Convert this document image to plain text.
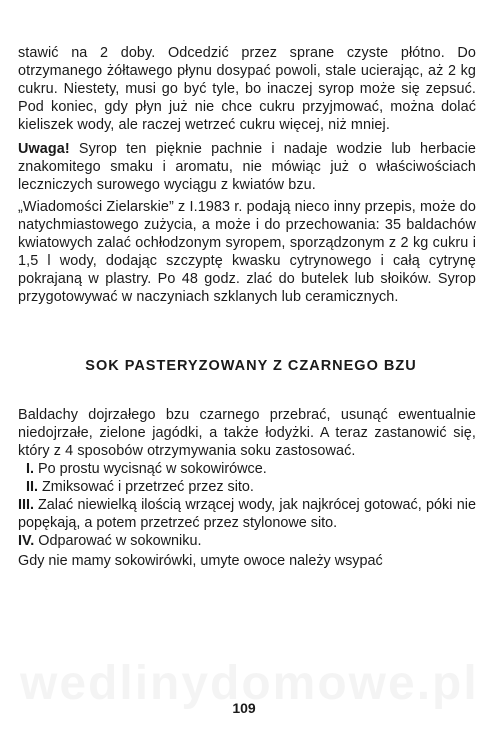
stawić na 2 doby. Odcedzić przez sprane czyste płótno. Do otrzymanego żółtawego płynu dosypać powoli, stale ucierając, aż 2 kg cukru. Niestety, musi go być tyle, bo inaczej syrop może się zepsuć. Pod koniec, gdy płyn już nie chce cukru przyjmować, można dolać kieliszek wody, ale raczej wetrzeć cukru więcej, niż mniej.

Uwaga! Syrop ten pięknie pachnie i nadaje wodzie lub herbacie znakomitego smaku i aromatu, nie mówiąc już o właściwościach leczniczych surowego wyciągu z kwiatów bzu.

„Wiadomości Zielarskie” z I.1983 r. podają nieco inny przepis, może do natychmiastowego zużycia, a może i do przechowania: 35 baldachów kwiatowych zalać ochłodzonym syropem, sporządzonym z 2 kg cukru i 1,5 l wody, dodając szczyptę kwasku cytrynowego i całą cytrynę pokrajaną w plastry. Po 48 godz. zlać do butelek lub słoików. Syrop przygotowywać w naczyniach szklanych lub ceramicznych.

SOK PASTERYZOWANY Z CZARNEGO BZU

Baldachy dojrzałego bzu czarnego przebrać, usunąć ewentualnie niedojrzałe, zielone jagódki, a także łodyżki. A teraz zastanowić się, który z 4 sposobów otrzymywania soku zastosować.

I. Po prostu wycisnąć w sokowirówce.

II. Zmiksować i przetrzeć przez sito.

III. Zalać niewielką ilością wrzącej wody, jak najkrócej gotować, póki nie popękają, a potem przetrzeć przez stylonowe sito.

IV. Odparować w sokowniku.

Gdy nie mamy sokowirówki, umyte owoce należy wsypać

109
